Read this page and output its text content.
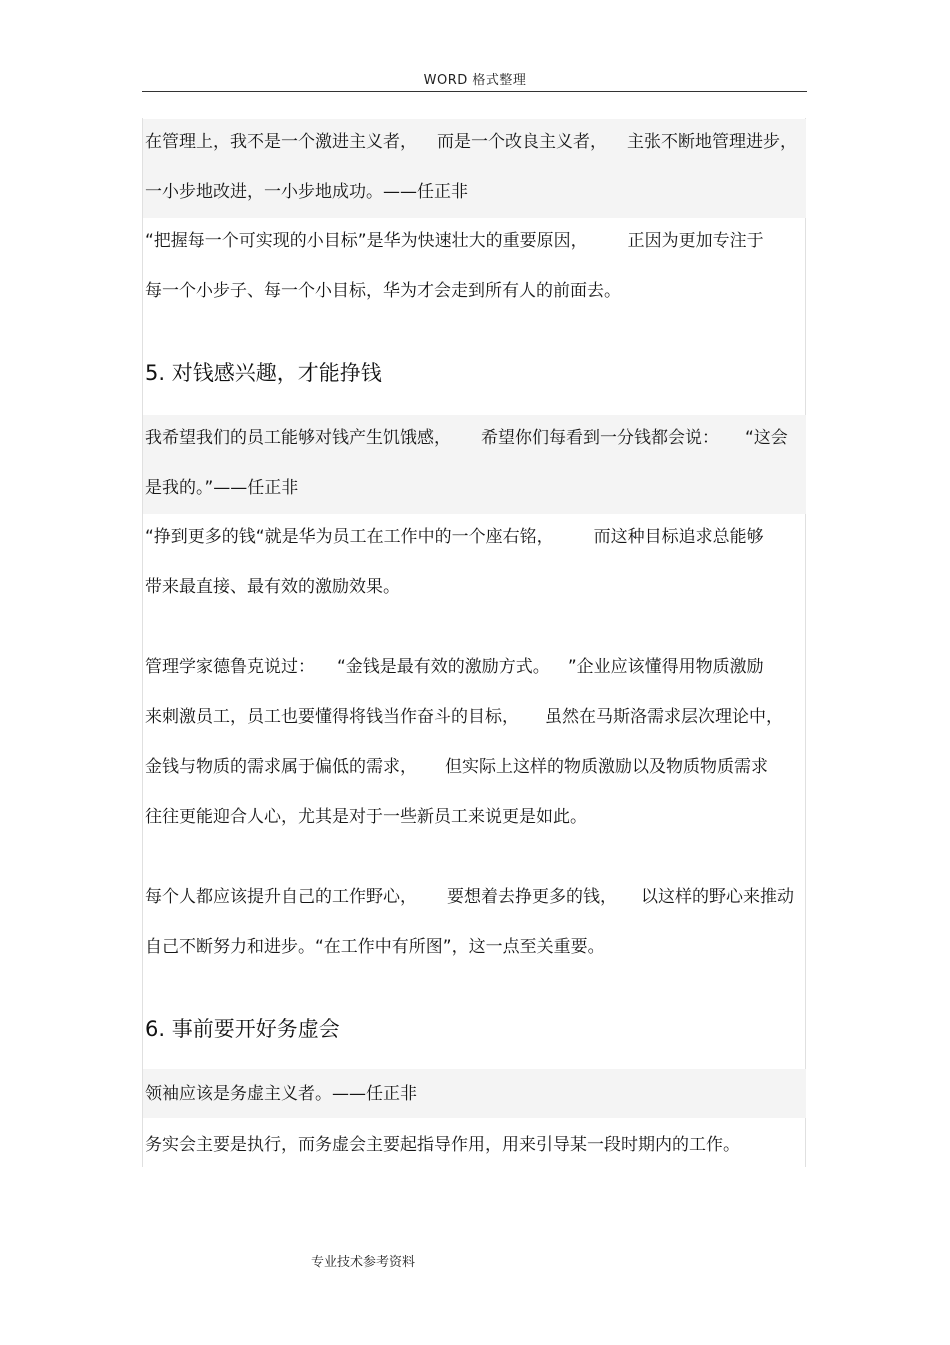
WORD 格式整理
在管理上，我不是一个激进主义者， 而是一个改良主义者， 主张不断地管理进步，
一小步地改进，一小步地成功。——任正非
“把握每一个可实现的小目标”是华为快速壮大的重要原因， 正因为更加专注于
每一个小步子、每一个小目标，华为才会走到所有人的前面去。
5. 对钱感兴趣，才能挣钱
我希望我们的员工能够对钱产生饥饿感， 希望你们每看到一分钱都会说： “这会
是我的。”——任正非
“挣到更多的钱“就是华为员工在工作中的一个座右铭， 而这种目标追求总能够
带来最直接、最有效的激励效果。
管理学家德鲁克说过： “金钱是最有效的激励方式。 ”企业应该懂得用物质激励
来刺激员工，员工也要懂得将钱当作奋斗的目标， 虽然在马斯洛需求层次理论中，
金钱与物质的需求属于偏低的需求， 但实际上这样的物质激励以及物质物质需求
往往更能迎合人心，尤其是对于一些新员工来说更是如此。
每个人都应该提升自己的工作野心， 要想着去挣更多的钱， 以这样的野心来推动
自己不断努力和进步。“在工作中有所图”，这一点至关重要。
6. 事前要开好务虚会
领袖应该是务虚主义者。——任正非
务实会主要是执行，而务虚会主要起指导作用，用来引导某一段时期内的工作。
专业技术参考资料
